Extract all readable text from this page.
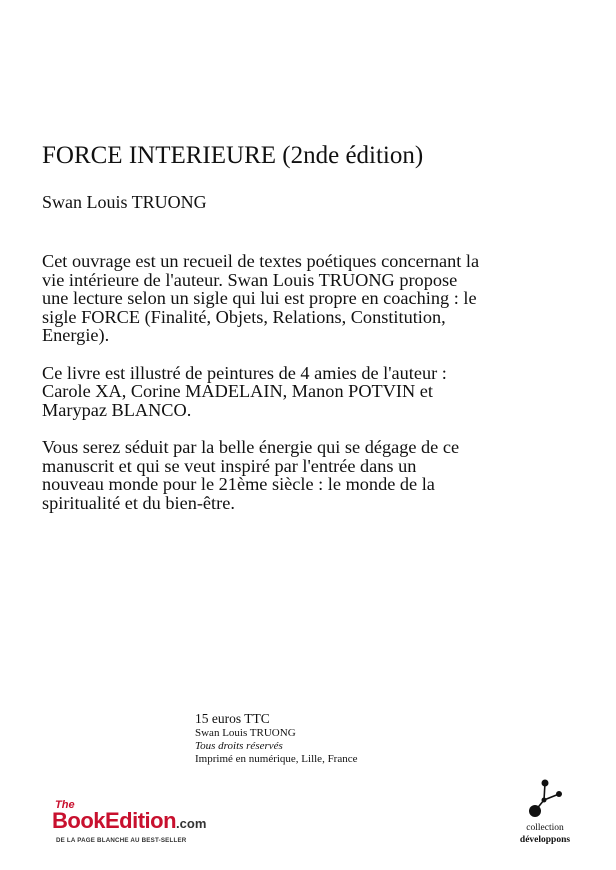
FORCE INTERIEURE (2nde édition)
Swan Louis TRUONG

Cet ouvrage est un recueil de textes poétiques concernant la vie intérieure de l'auteur. Swan Louis TRUONG propose une lecture selon un sigle qui lui est propre en coaching : le sigle FORCE (Finalité, Objets, Relations, Constitution, Energie).

Ce livre est illustré de peintures de 4 amies de l'auteur : Carole XA, Corine MADELAIN, Manon POTVIN et Marypaz BLANCO.

Vous serez séduit par la belle énergie qui se dégage de ce manuscrit et qui se veut inspiré par l'entrée dans un nouveau monde pour le 21ème siècle : le monde de la spiritualité et du bien-être.

15 euros TTC
Swan Louis TRUONG
Tous droits réservés
Imprimé en numérique, Lille, France
The
BookEdition.com
DE LA PAGE BLANCHE AU BEST-SELLER
collection
développons
